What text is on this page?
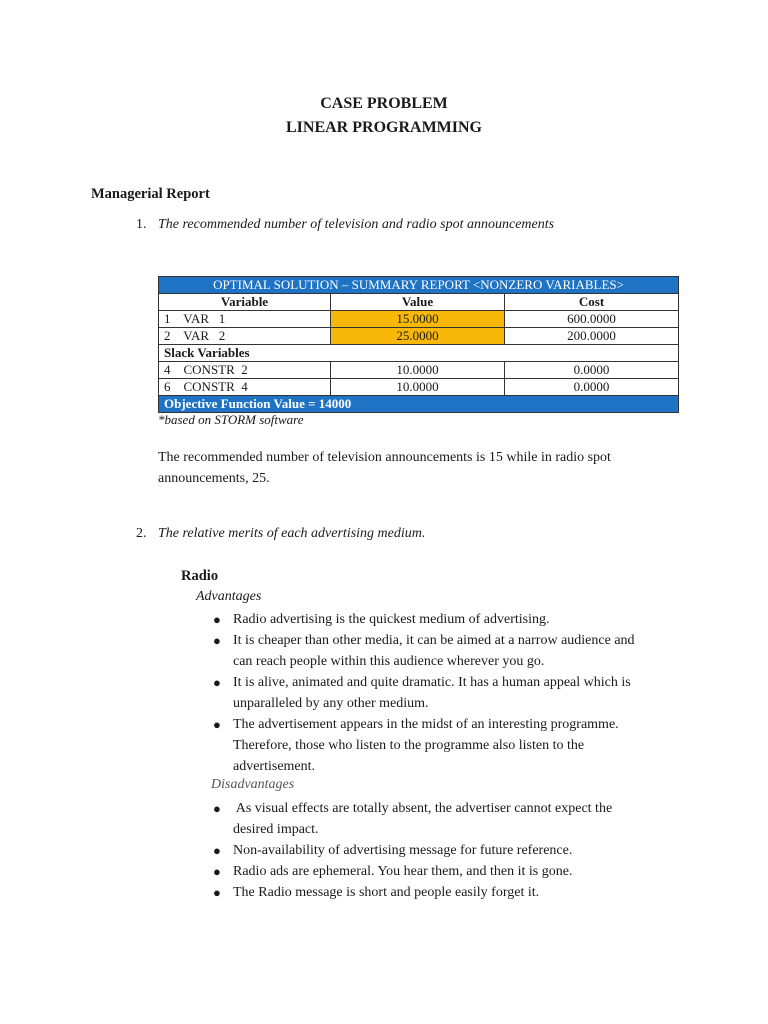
CASE PROBLEM
LINEAR PROGRAMMING
Managerial Report
1. The recommended number of television and radio spot announcements
OPTIMAL SOLUTION – SUMMARY REPORT <NONZERO VARIABLES>		
Variable	Value	Cost
1    VAR   1	15.0000	600.0000
2    VAR   2	25.0000	200.0000
Slack Variables		
4    CONSTR  2	10.0000	0.0000
6    CONSTR  4	10.0000	0.0000
Objective Function Value = 14000		
*based on STORM software
The recommended number of television announcements is 15 while in radio spot
announcements, 25.
2. The relative merits of each advertising medium.
Radio
Advantages
● Radio advertising is the quickest medium of advertising.
● It is cheaper than other media, it can be aimed at a narrow audience and
can reach people within this audience wherever you go.
● It is alive, animated and quite dramatic. It has a human appeal which is
unparalleled by any other medium.
● The advertisement appears in the midst of an interesting programme.
Therefore, those who listen to the programme also listen to the
advertisement.
Disadvantages
● As visual effects are totally absent, the advertiser cannot expect the
desired impact.
● Non-availability of advertising message for future reference.
● Radio ads are ephemeral. You hear them, and then it is gone.
● The Radio message is short and people easily forget it.
